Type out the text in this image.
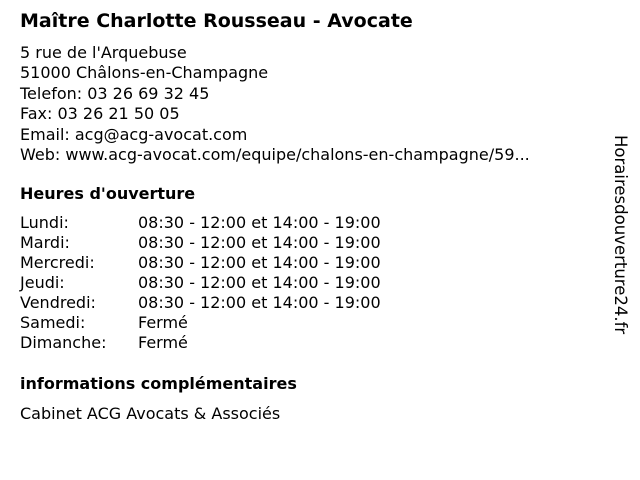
Maître Charlotte Rousseau - Avocate
5 rue de l'Arquebuse
51000 Châlons-en-Champagne
Telefon: 03 26 69 32 45
Fax: 03 26 21 50 05
Email: acg@acg-avocat.com
Web: www.acg-avocat.com/equipe/chalons-en-champagne/59...
Heures d'ouverture
Lundi:	08:30 - 12:00 et 14:00 - 19:00
Mardi:	08:30 - 12:00 et 14:00 - 19:00
Mercredi:	08:30 - 12:00 et 14:00 - 19:00
Jeudi:	08:30 - 12:00 et 14:00 - 19:00
Vendredi:	08:30 - 12:00 et 14:00 - 19:00
Samedi:	Fermé
Dimanche: Fermé
informations complémentaires
Cabinet ACG Avocats & Associés
Horairesdouverture24.fr
